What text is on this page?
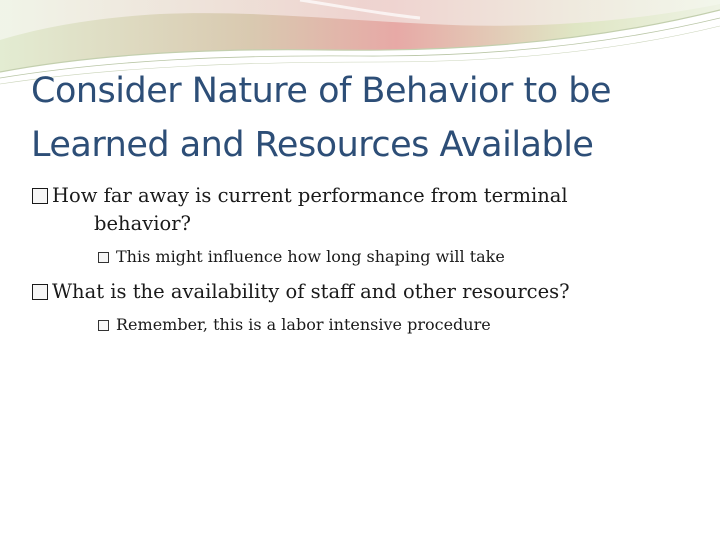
Consider Nature of Behavior to be
Learned and Resources Available
How far away is current performance from terminal
behavior?
This might influence how long shaping will take
What is the availability of staff and other resources?
Remember, this is a labor intensive procedure
